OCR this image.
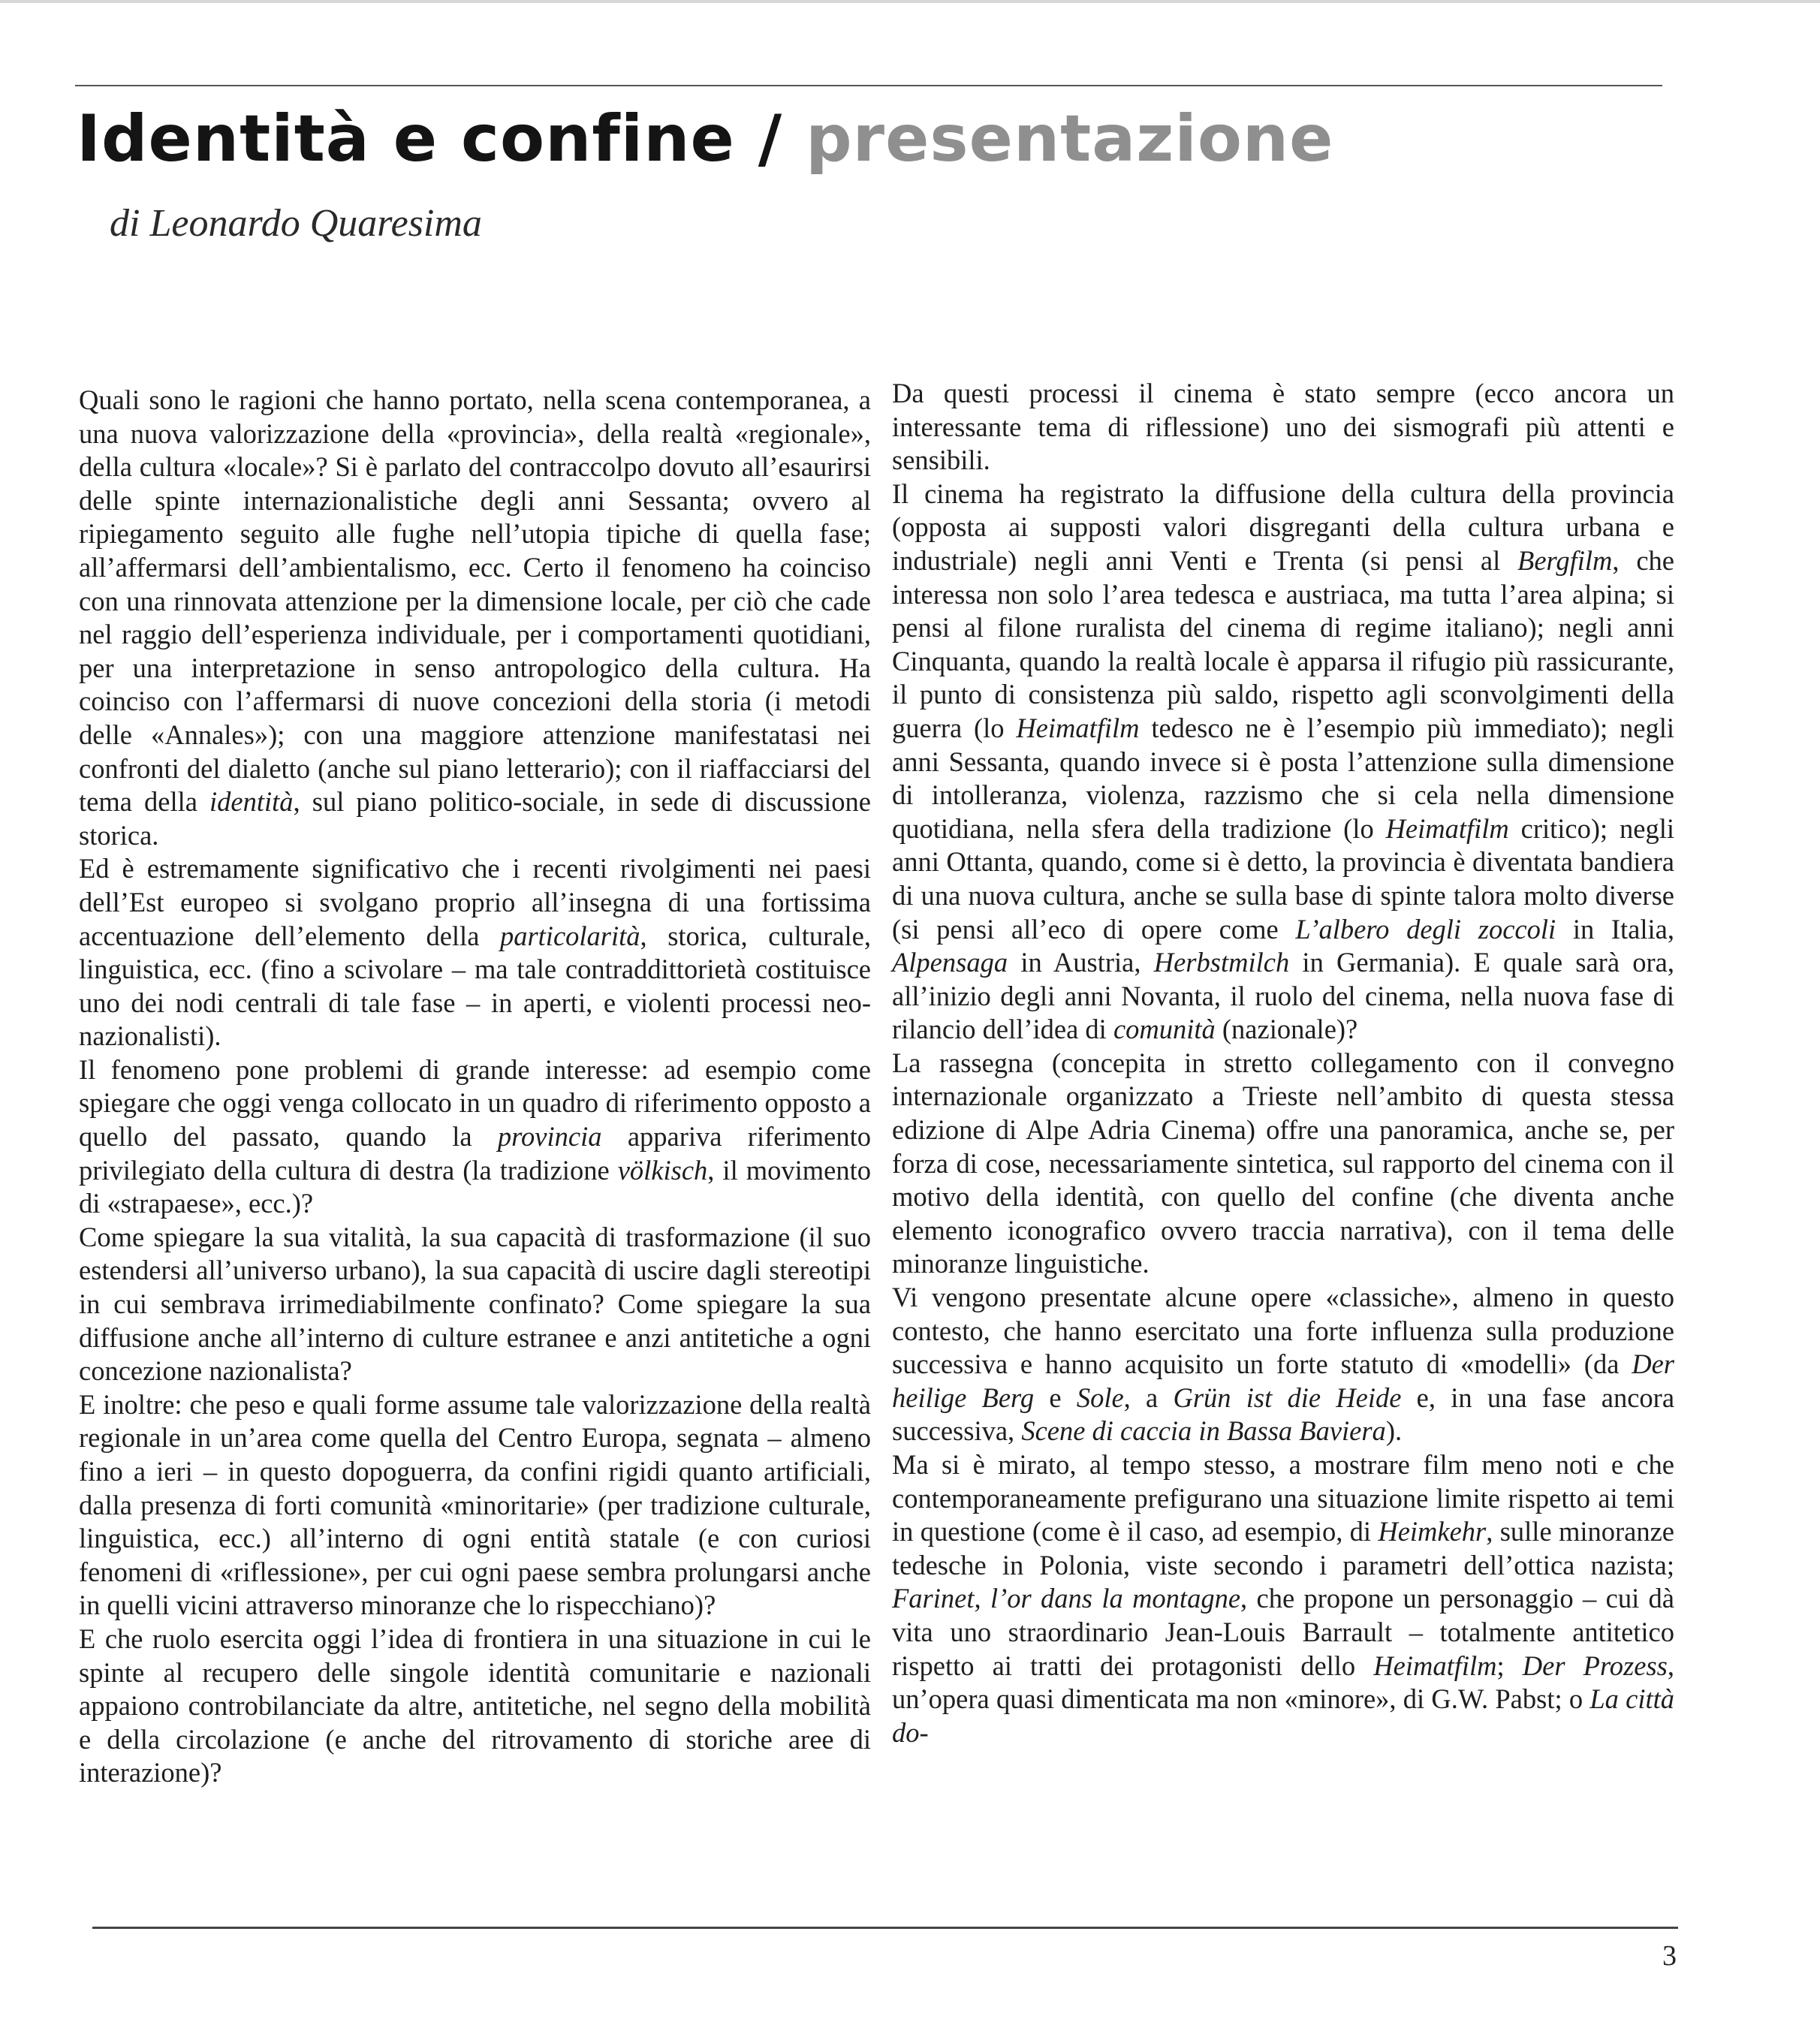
Identità e confine / presentazione
di Leonardo Quaresima

Quali sono le ragioni che hanno portato, nella scena contemporanea, a una nuova valorizzazione della «provincia», della realtà «regionale», della cultura «locale»? Si è parlato del contraccolpo dovuto all’esaurirsi delle spinte internazionalistiche degli anni Sessanta; ovvero al ripiegamento seguito alle fughe nell’utopia tipiche di quella fase; all’affermarsi dell’ambientalismo, ecc. Certo il fenomeno ha coinciso con una rinnovata attenzione per la dimensione locale, per ciò che cade nel raggio dell’esperienza individuale, per i comportamenti quotidiani, per una interpretazione in senso antropologico della cultura. Ha coinciso con l’affermarsi di nuove concezioni della storia (i metodi delle «Annales»); con una maggiore attenzione manifestatasi nei confronti del dialetto (anche sul piano letterario); con il riaffacciarsi del tema della identità, sul piano politico-sociale, in sede di discussione storica.

Ed è estremamente significativo che i recenti rivolgimenti nei paesi dell’Est europeo si svolgano proprio all’insegna di una fortissima accentuazione dell’elemento della particolarità, storica, culturale, linguistica, ecc. (fino a scivolare – ma tale contraddittorietà costituisce uno dei nodi centrali di tale fase – in aperti, e violenti processi neo-nazionalisti).

Il fenomeno pone problemi di grande interesse: ad esempio come spiegare che oggi venga collocato in un quadro di riferimento opposto a quello del passato, quando la provincia appariva riferimento privilegiato della cultura di destra (la tradizione völkisch, il movimento di «strapaese», ecc.)?

Come spiegare la sua vitalità, la sua capacità di trasformazione (il suo estendersi all’universo urbano), la sua capacità di uscire dagli stereotipi in cui sembrava irrimediabilmente confinato? Come spiegare la sua diffusione anche all’interno di culture estranee e anzi antitetiche a ogni concezione nazionalista?

E inoltre: che peso e quali forme assume tale valorizzazione della realtà regionale in un’area come quella del Centro Europa, segnata – almeno fino a ieri – in questo dopoguerra, da confini rigidi quanto artificiali, dalla presenza di forti comunità «minoritarie» (per tradizione culturale, linguistica, ecc.) all’interno di ogni entità statale (e con curiosi fenomeni di «riflessione», per cui ogni paese sembra prolungarsi anche in quelli vicini attraverso minoranze che lo rispecchiano)?

E che ruolo esercita oggi l’idea di frontiera in una situazione in cui le spinte al recupero delle singole identità comunitarie e nazionali appaiono controbilanciate da altre, antitetiche, nel segno della mobilità e della circolazione (e anche del ritrovamento di storiche aree di interazione)?

Da questi processi il cinema è stato sempre (ecco ancora un interessante tema di riflessione) uno dei sismografi più attenti e sensibili.

Il cinema ha registrato la diffusione della cultura della provincia (opposta ai supposti valori disgreganti della cultura urbana e industriale) negli anni Venti e Trenta (si pensi al Bergfilm, che interessa non solo l’area tedesca e austriaca, ma tutta l’area alpina; si pensi al filone ruralista del cinema di regime italiano); negli anni Cinquanta, quando la realtà locale è apparsa il rifugio più rassicurante, il punto di consistenza più saldo, rispetto agli sconvolgimenti della guerra (lo Heimatfilm tedesco ne è l’esempio più immediato); negli anni Sessanta, quando invece si è posta l’attenzione sulla dimensione di intolleranza, violenza, razzismo che si cela nella dimensione quotidiana, nella sfera della tradizione (lo Heimatfilm critico); negli anni Ottanta, quando, come si è detto, la provincia è diventata bandiera di una nuova cultura, anche se sulla base di spinte talora molto diverse (si pensi all’eco di opere come L’albero degli zoccoli in Italia, Alpensaga in Austria, Herbstmilch in Germania). E quale sarà ora, all’inizio degli anni Novanta, il ruolo del cinema, nella nuova fase di rilancio dell’idea di comunità (nazionale)?

La rassegna (concepita in stretto collegamento con il convegno internazionale organizzato a Trieste nell’ambito di questa stessa edizione di Alpe Adria Cinema) offre una panoramica, anche se, per forza di cose, necessariamente sintetica, sul rapporto del cinema con il motivo della identità, con quello del confine (che diventa anche elemento iconografico ovvero traccia narrativa), con il tema delle minoranze linguistiche.

Vi vengono presentate alcune opere «classiche», almeno in questo contesto, che hanno esercitato una forte influenza sulla produzione successiva e hanno acquisito un forte statuto di «modelli» (da Der heilige Berg e Sole, a Grün ist die Heide e, in una fase ancora successiva, Scene di caccia in Bassa Baviera).

Ma si è mirato, al tempo stesso, a mostrare film meno noti e che contemporaneamente prefigurano una situazione limite rispetto ai temi in questione (come è il caso, ad esempio, di Heimkehr, sulle minoranze tedesche in Polonia, viste secondo i parametri dell’ottica nazista; Farinet, l’or dans la montagne, che propone un personaggio – cui dà vita uno straordinario Jean-Louis Barrault – totalmente antitetico rispetto ai tratti dei protagonisti dello Heimatfilm; Der Prozess, un’opera quasi dimenticata ma non «minore», di G.W. Pabst; o La città do-

3
